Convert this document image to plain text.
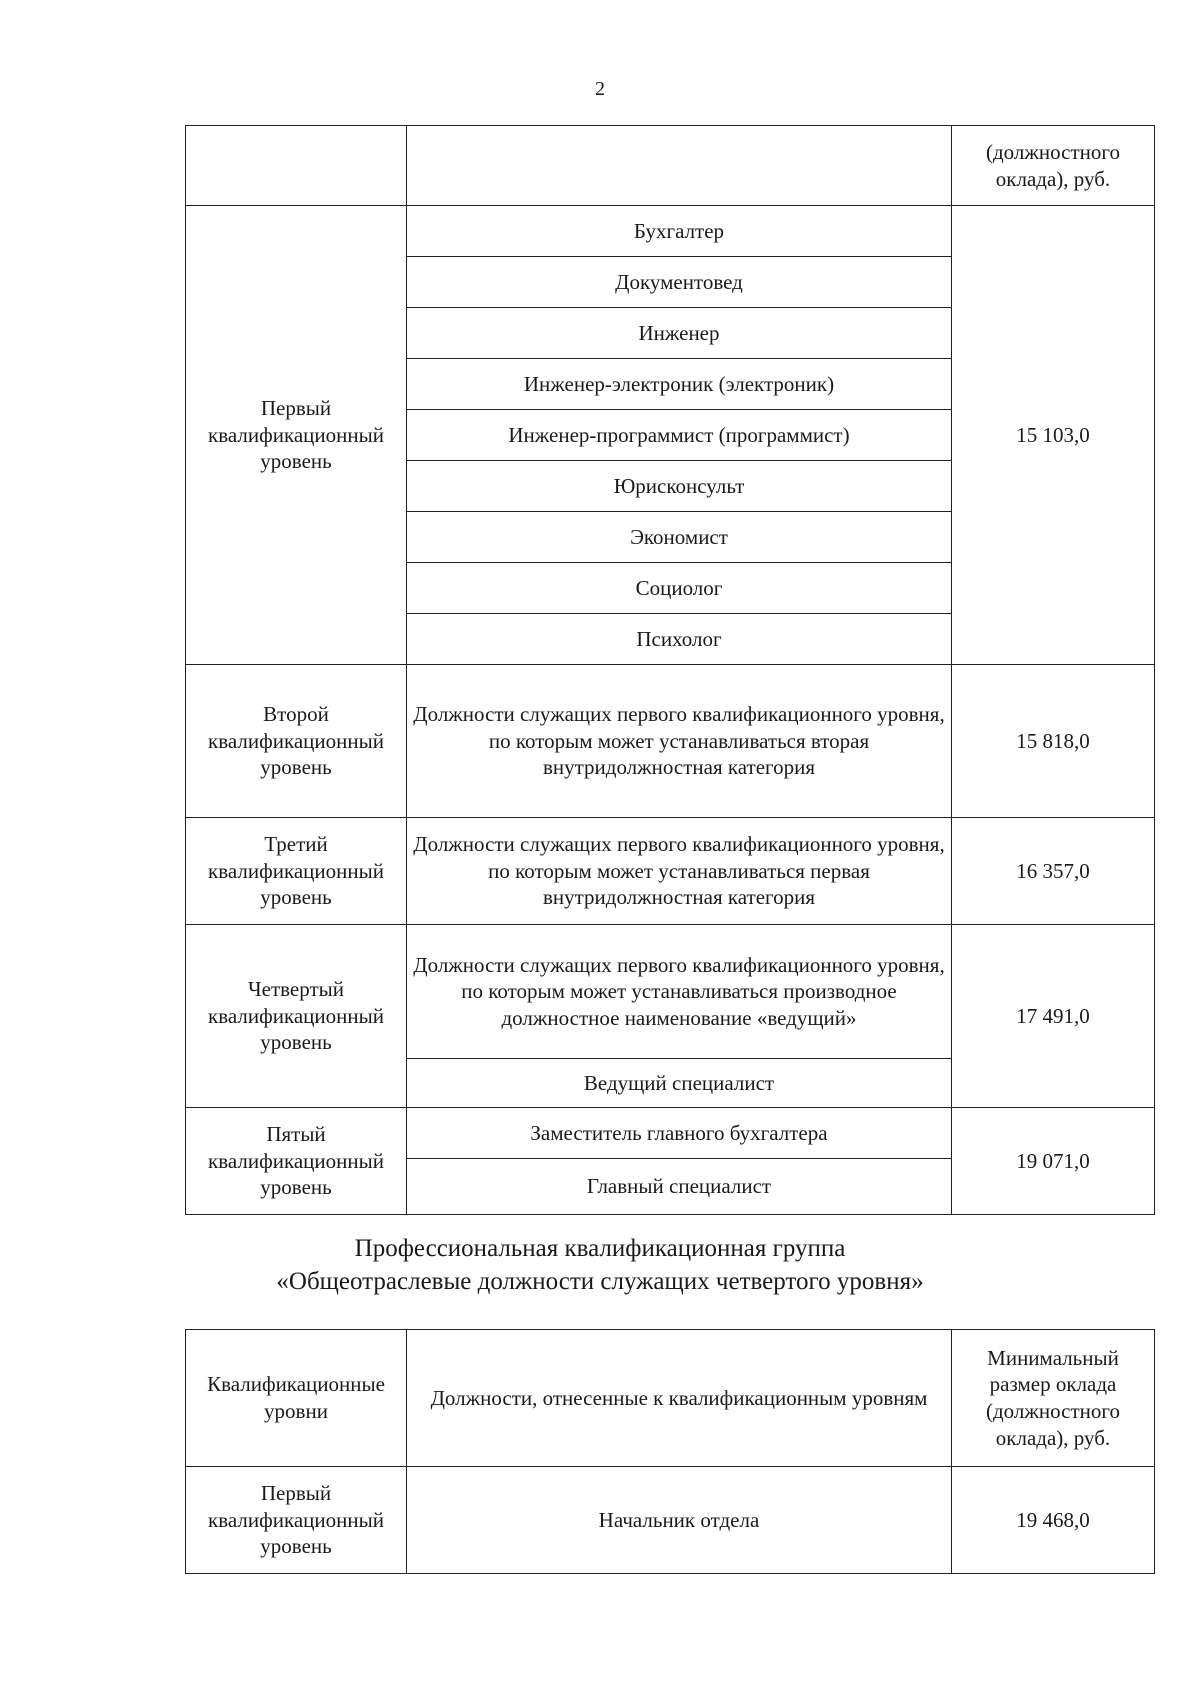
2
		(должностного оклада), руб.
Первый квалификационный уровень	Бухгалтер	15 103,0
	Документовед	
	Инженер	
	Инженер-электроник (электроник)	
	Инженер-программист (программист)	
	Юрисконсульт	
	Экономист	
	Социолог	
	Психолог	
Второй квалификационный уровень	Должности служащих первого квалификационного уровня, по которым может устанавливаться вторая внутридолжностная категория	15 818,0
Третий квалификационный уровень	Должности служащих первого квалификационного уровня, по которым может устанавливаться первая внутридолжностная категория	16 357,0
Четвертый квалификационный уровень	Должности служащих первого квалификационного уровня, по которым может устанавливаться производное должностное наименование «ведущий»	17 491,0
	Ведущий специалист	
Пятый квалификационный уровень	Заместитель главного бухгалтера	19 071,0
	Главный специалист	
Профессиональная квалификационная группа
«Общеотраслевые должности служащих четвертого уровня»
Квалификационные уровни	Должности, отнесенные к квалификационным уровням	Минимальный размер оклада (должностного оклада), руб.
Первый квалификационный уровень	Начальник отдела	19 468,0
